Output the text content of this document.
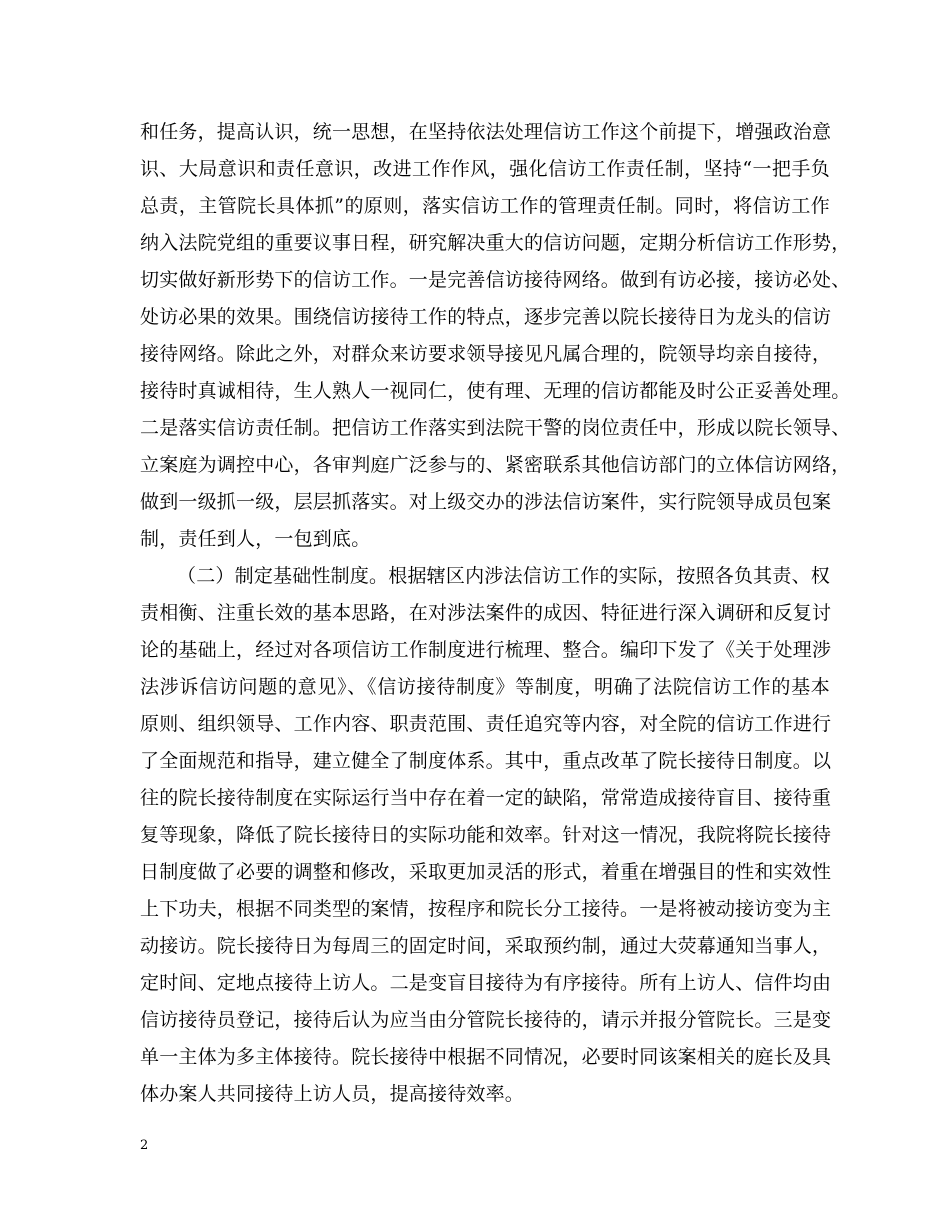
和任务，提高认识，统一思想，在坚持依法处理信访工作这个前提下，增强政治意
识、大局意识和责任意识，改进工作作风，强化信访工作责任制，坚持“一把手负
总责，主管院长具体抓”的原则，落实信访工作的管理责任制。同时，将信访工作
纳入法院党组的重要议事日程，研究解决重大的信访问题，定期分析信访工作形势，
切实做好新形势下的信访工作。一是完善信访接待网络。做到有访必接，接访必处、
处访必果的效果。围绕信访接待工作的特点，逐步完善以院长接待日为龙头的信访
接待网络。除此之外，对群众来访要求领导接见凡属合理的，院领导均亲自接待，
接待时真诚相待，生人熟人一视同仁，使有理、无理的信访都能及时公正妥善处理。
二是落实信访责任制。把信访工作落实到法院干警的岗位责任中，形成以院长领导、
立案庭为调控中心，各审判庭广泛参与的、紧密联系其他信访部门的立体信访网络，
做到一级抓一级，层层抓落实。对上级交办的涉法信访案件，实行院领导成员包案
制，责任到人，一包到底。
（二）制定基础性制度。根据辖区内涉法信访工作的实际，按照各负其责、权
责相衡、注重长效的基本思路，在对涉法案件的成因、特征进行深入调研和反复讨
论的基础上，经过对各项信访工作制度进行梳理、整合。编印下发了《关于处理涉
法涉诉信访问题的意见》、《信访接待制度》等制度，明确了法院信访工作的基本
原则、组织领导、工作内容、职责范围、责任追究等内容，对全院的信访工作进行
了全面规范和指导，建立健全了制度体系。其中，重点改革了院长接待日制度。以
往的院长接待制度在实际运行当中存在着一定的缺陷，常常造成接待盲目、接待重
复等现象，降低了院长接待日的实际功能和效率。针对这一情况，我院将院长接待
日制度做了必要的调整和修改，采取更加灵活的形式，着重在增强目的性和实效性
上下功夫，根据不同类型的案情，按程序和院长分工接待。一是将被动接访变为主
动接访。院长接待日为每周三的固定时间，采取预约制，通过大荧幕通知当事人，
定时间、定地点接待上访人。二是变盲目接待为有序接待。所有上访人、信件均由
信访接待员登记，接待后认为应当由分管院长接待的，请示并报分管院长。三是变
单一主体为多主体接待。院长接待中根据不同情况，必要时同该案相关的庭长及具
体办案人共同接待上访人员，提高接待效率。
2
